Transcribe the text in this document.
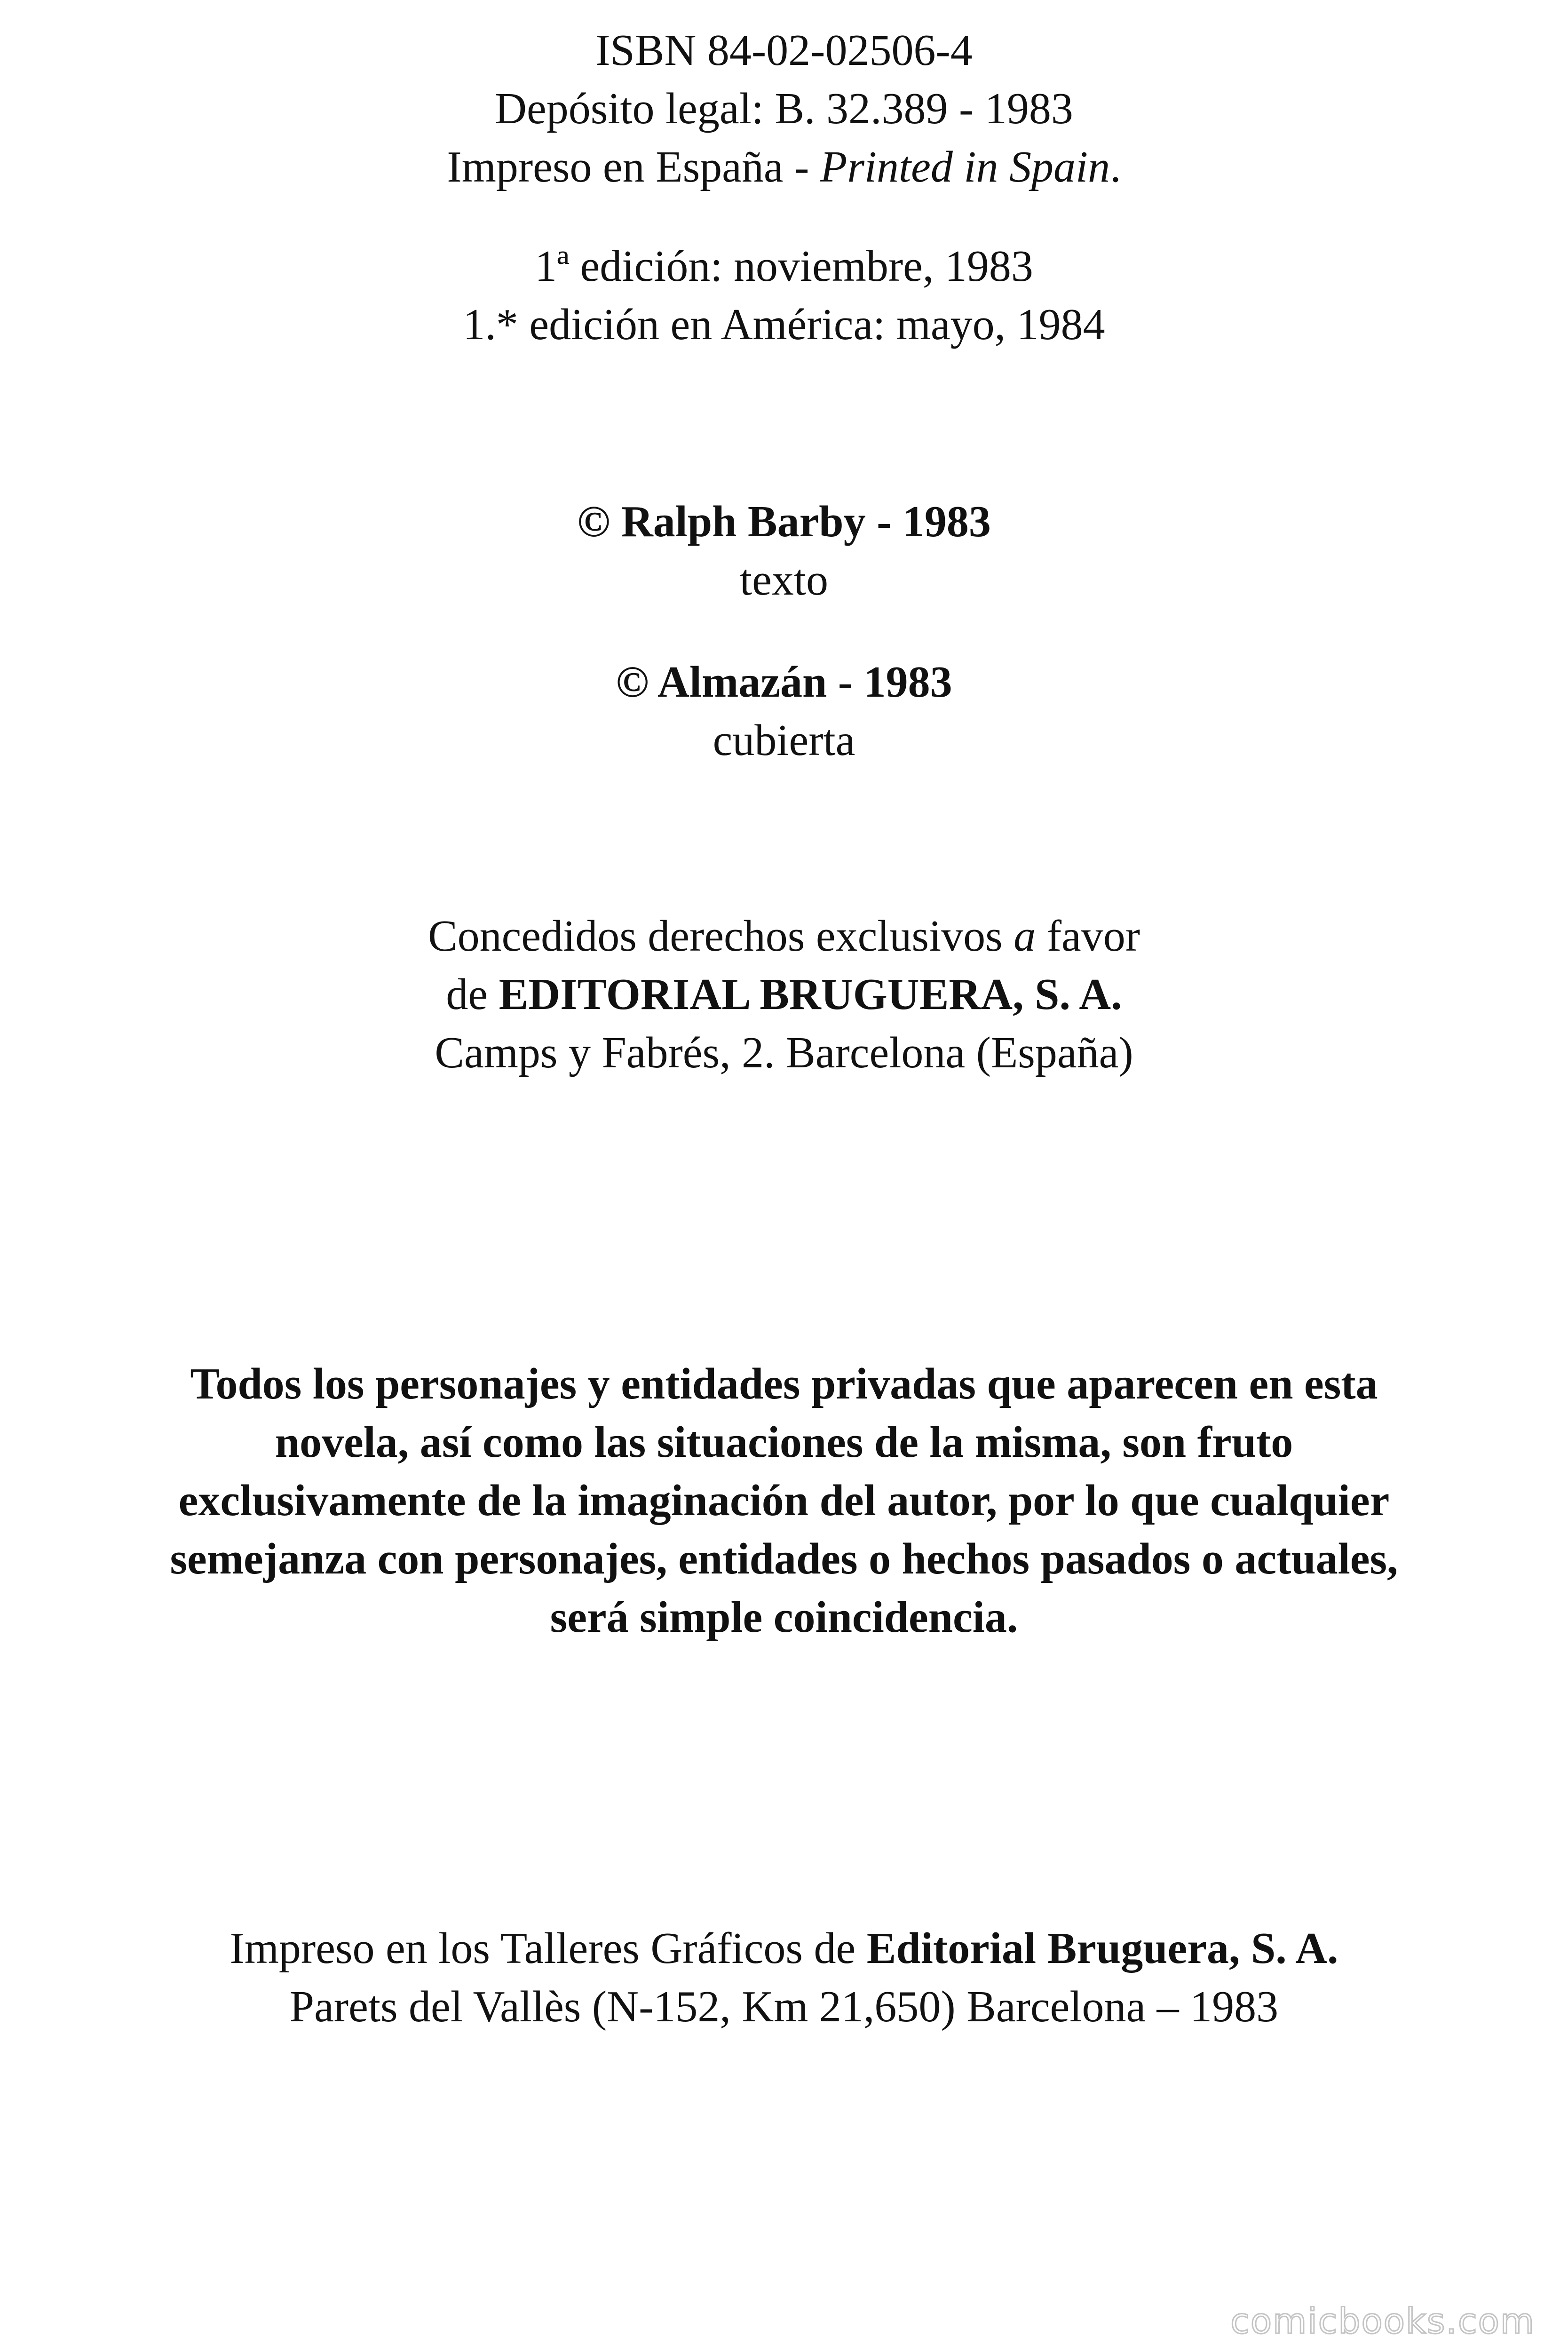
ISBN 84-02-02506-4
Depósito legal: B. 32.389 - 1983
Impreso en España - Printed in Spain.
1ª edición: noviembre, 1983
1.* edición en América: mayo, 1984
© Ralph Barby - 1983
texto
© Almazán - 1983
cubierta
Concedidos derechos exclusivos a favor
de EDITORIAL BRUGUERA, S. A.
Camps y Fabrés, 2. Barcelona (España)
Todos los personajes y entidades privadas que aparecen en esta
novela, así como las situaciones de la misma, son fruto
exclusivamente de la imaginación del autor, por lo que cualquier
semejanza con personajes, entidades o hechos pasados o actuales,
será simple coincidencia.
Impreso en los Talleres Gráficos de Editorial Bruguera, S. A.
Parets del Vallès (N-152, Km 21,650) Barcelona – 1983
comicbooks.com
